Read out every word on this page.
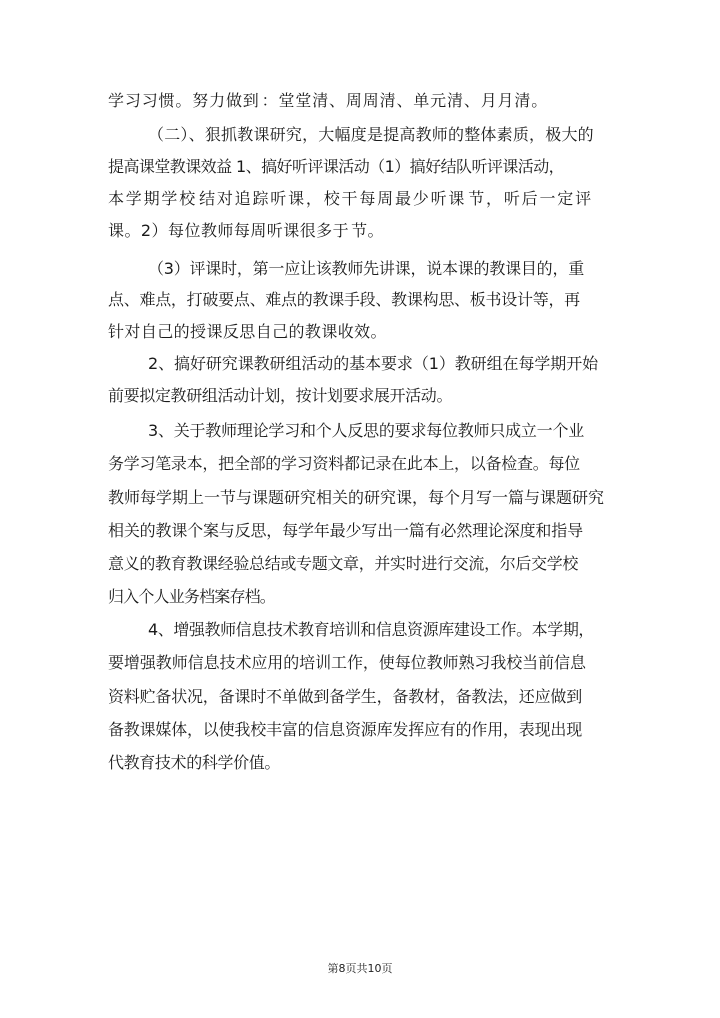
学习习惯。努力做到 ：堂堂清、周周清、单元清、月月清。
（二）、狠抓教课研究，大幅度是提高教师的整体素质，极大的
提高课堂教课效益 1、搞好听评课活动（1）搞好结队听评课活动，
本学期学校 结对追踪听课，校干每周最少听课 节，听后一定评
课。2）每位教师每周听课很多于 节。
（3）评课时，第一应让该教师先讲课，说本课的教课目的，重
点、难点，打破要点、难点的教课手段、教课构思、板书设计等，再
针对自己的授课反思自己的教课收效。
2、搞好研究课教研组活动的基本要求（1）教研组在每学期开始
前要拟定教研组活动计划，按计划要求展开活动。
3、关于教师理论学习和个人反思的要求每位教师只成立一个业
务学习笔录本，把全部的学习资料都记录在此本上，以备检查。每位
教师每学期上一节与课题研究相关的研究课，每个月写一篇与课题研究
相关的教课个案与反思，每学年最少写出一篇有必然理论深度和指导
意义的教育教课经验总结或专题文章，并实时进行交流，尔后交学校
归入个人业务档案存档。
4、增强教师信息技术教育培训和信息资源库建设工作。本学期，
要增强教师信息技术应用的培训工作，使每位教师熟习我校当前信息
资料贮备状况，备课时不单做到备学生，备教材，备教法，还应做到
备教课媒体，以使我校丰富的信息资源库发挥应有的作用，表现出现
代教育技术的科学价值。
第8页共10页
